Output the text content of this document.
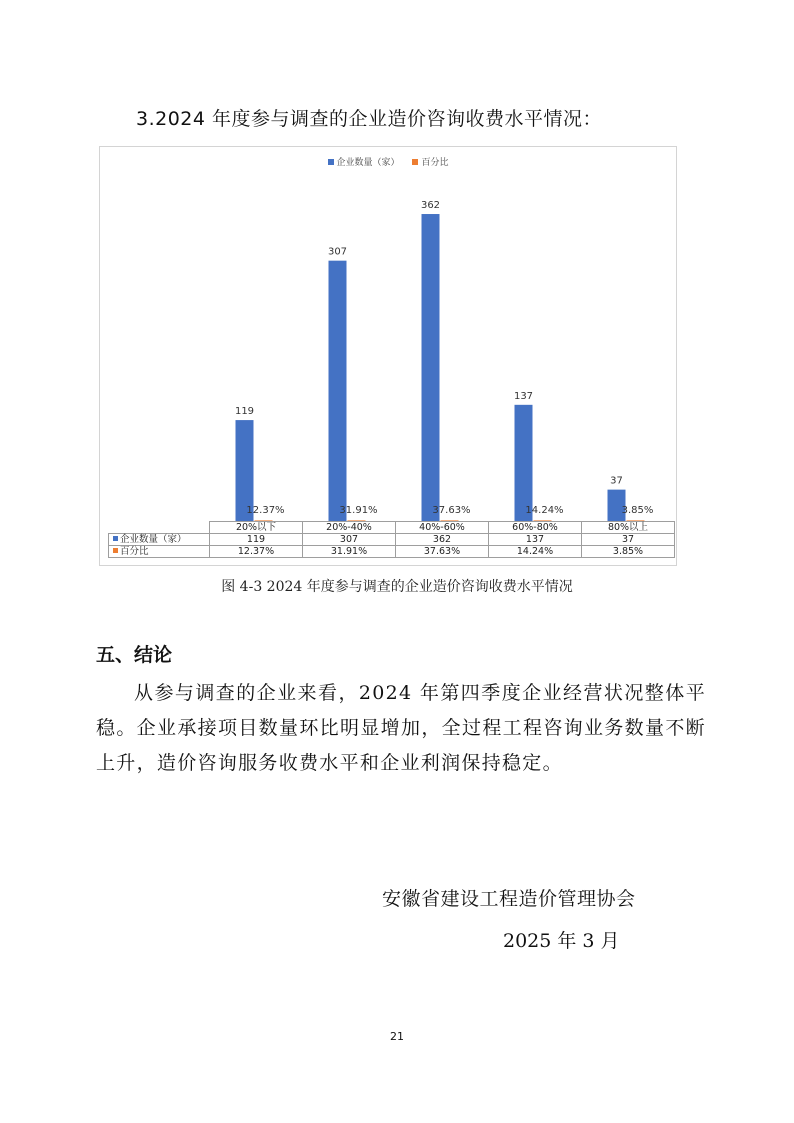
3.2024 年度参与调查的企业造价咨询收费水平情况：
企业数量（家） 百分比
119
12.37%
307
31.91%
362
37.63%
137
14.24%
37
3.85%
	20%以下	20%-40%	40%-60%	60%-80%	80%以上
企业数量（家）	119	307	362	137	37
百分比	12.37%	31.91%	37.63%	14.24%	3.85%
图 4-3 2024 年度参与调查的企业造价咨询收费水平情况
五、结论
从参与调查的企业来看，2024 年第四季度企业经营状况整体平稳。企业承接项目数量环比明显增加，全过程工程咨询业务数量不断上升，造价咨询服务收费水平和企业利润保持稳定。
安徽省建设工程造价管理协会
2025 年 3 月
21
